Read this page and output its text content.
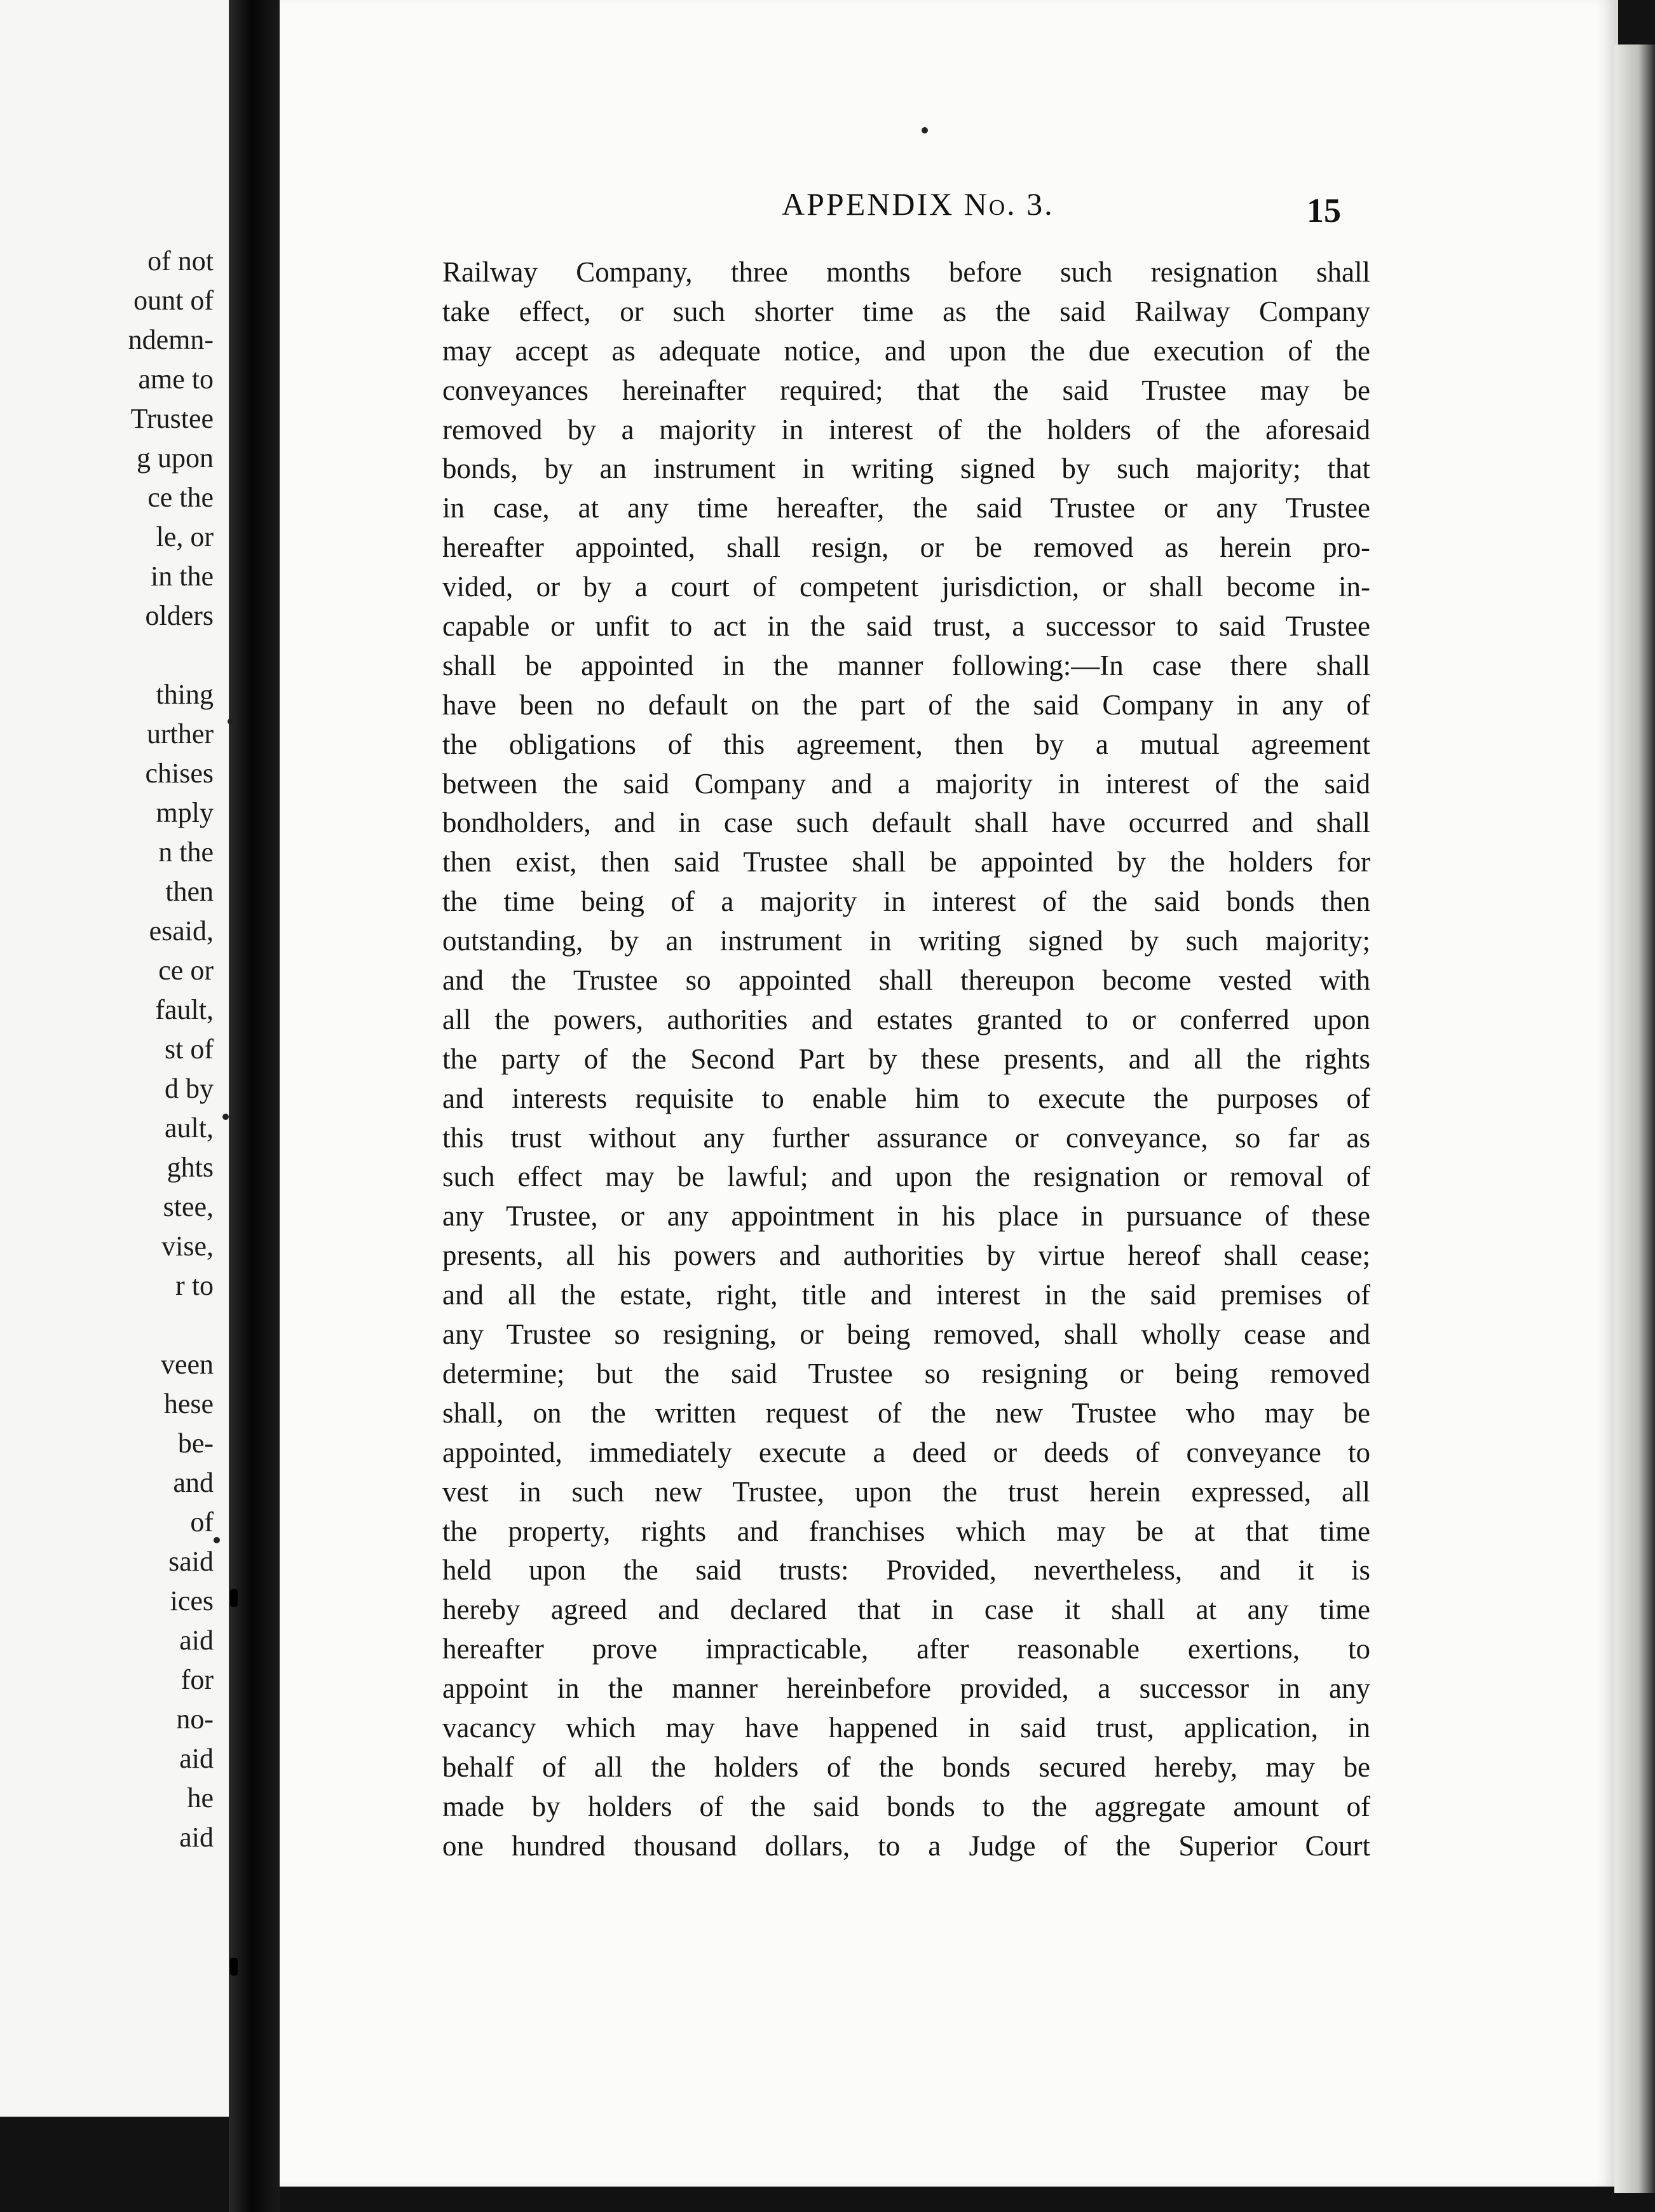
of not
ount of
ndemn-
ame to
Trustee
g upon
ce the
le, or
in the
olders
thing
urther
chises
mply
n the
then
esaid,
ce or
fault,
st of
d by
ault,
ghts
stee,
vise,
r to
veen
hese
be-
and
of
said
ices
aid
for
no-
aid
he
aid
APPENDIX No. 3.	15
Railway Company, three months before such resignation shall
take effect, or such shorter time as the said Railway Company
may accept as adequate notice, and upon the due execution of the
conveyances hereinafter required; that the said Trustee may be
removed by a majority in interest of the holders of the aforesaid
bonds, by an instrument in writing signed by such majority; that
in case, at any time hereafter, the said Trustee or any Trustee
hereafter appointed, shall resign, or be removed as herein pro-
vided, or by a court of competent jurisdiction, or shall become in-
capable or unfit to act in the said trust, a successor to said Trustee
shall be appointed in the manner following:—In case there shall
have been no default on the part of the said Company in any of
the obligations of this agreement, then by a mutual agreement
between the said Company and a majority in interest of the said
bondholders, and in case such default shall have occurred and shall
then exist, then said Trustee shall be appointed by the holders for
the time being of a majority in interest of the said bonds then
outstanding, by an instrument in writing signed by such majority;
and the Trustee so appointed shall thereupon become vested with
all the powers, authorities and estates granted to or conferred upon
the party of the Second Part by these presents, and all the rights
and interests requisite to enable him to execute the purposes of
this trust without any further assurance or conveyance, so far as
such effect may be lawful; and upon the resignation or removal of
any Trustee, or any appointment in his place in pursuance of these
presents, all his powers and authorities by virtue hereof shall cease;
and all the estate, right, title and interest in the said premises of
any Trustee so resigning, or being removed, shall wholly cease and
determine; but the said Trustee so resigning or being removed
shall, on the written request of the new Trustee who may be
appointed, immediately execute a deed or deeds of conveyance to
vest in such new Trustee, upon the trust herein expressed, all
the property, rights and franchises which may be at that time
held upon the said trusts: Provided, nevertheless, and it is
hereby agreed and declared that in case it shall at any time
hereafter prove impracticable, after reasonable exertions, to
appoint in the manner hereinbefore provided, a successor in any
vacancy which may have happened in said trust, application, in
behalf of all the holders of the bonds secured hereby, may be
made by holders of the said bonds to the aggregate amount of
one hundred thousand dollars, to a Judge of the Superior Court
